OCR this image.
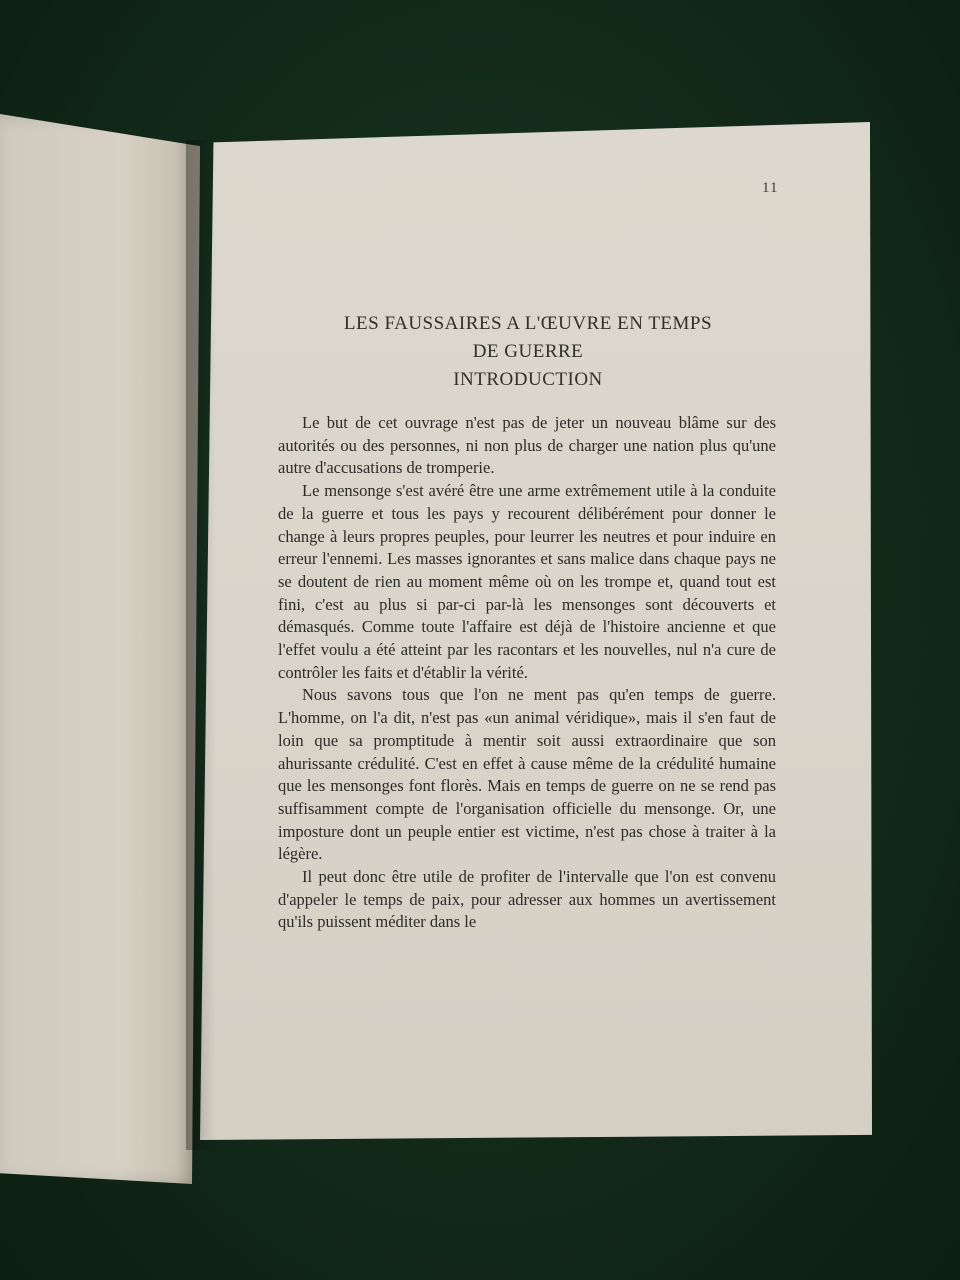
11
LES FAUSSAIRES A L'ŒUVRE EN TEMPS
DE GUERRE
INTRODUCTION

Le but de cet ouvrage n'est pas de jeter un nouveau blâme sur des autorités ou des personnes, ni non plus de charger une nation plus qu'une autre d'accusations de tromperie.

Le mensonge s'est avéré être une arme extrêmement utile à la conduite de la guerre et tous les pays y recourent délibérément pour donner le change à leurs propres peuples, pour leurrer les neutres et pour induire en erreur l'ennemi. Les masses ignorantes et sans malice dans chaque pays ne se doutent de rien au moment même où on les trompe et, quand tout est fini, c'est au plus si par-ci par-là les mensonges sont découverts et démasqués. Comme toute l'affaire est déjà de l'histoire ancienne et que l'effet voulu a été atteint par les racontars et les nouvelles, nul n'a cure de contrôler les faits et d'établir la vérité.

Nous savons tous que l'on ne ment pas qu'en temps de guerre. L'homme, on l'a dit, n'est pas «un animal véridique», mais il s'en faut de loin que sa promptitude à mentir soit aussi extraordinaire que son ahurissante crédulité. C'est en effet à cause même de la crédulité humaine que les mensonges font florès. Mais en temps de guerre on ne se rend pas suffisamment compte de l'organisation officielle du mensonge. Or, une imposture dont un peuple entier est victime, n'est pas chose à traiter à la légère.

Il peut donc être utile de profiter de l'intervalle que l'on est convenu d'appeler le temps de paix, pour adresser aux hommes un avertissement qu'ils puissent méditer dans le
